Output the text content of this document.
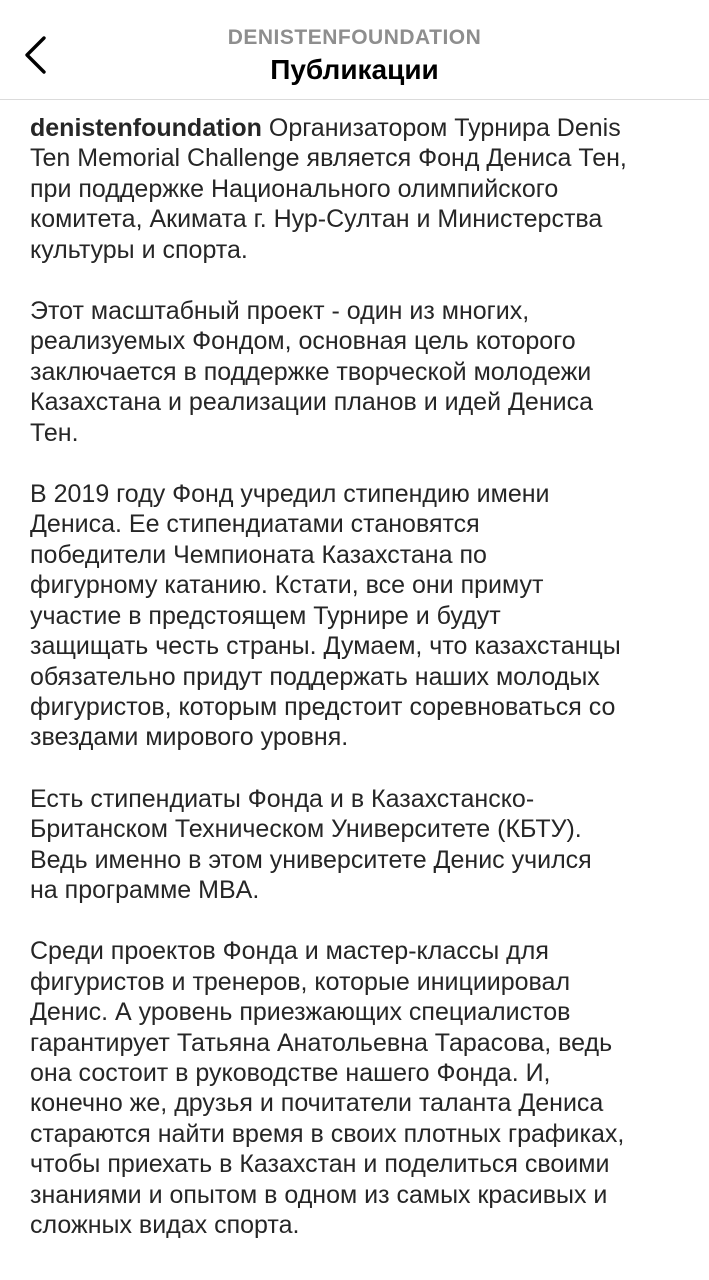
DENISTENFOUNDATION
Публикации

denistenfoundation Организатором Турнира Denis
Ten Memorial Challenge является Фонд Дениса Тен,
при поддержке Национального олимпийского
комитета, Акимата г. Нур-Султан и Министерства
культуры и спорта.

Этот масштабный проект - один из многих,
реализуемых Фондом, основная цель которого
заключается в поддержке творческой молодежи
Казахстана и реализации планов и идей Дениса
Тен.

В 2019 году Фонд учредил стипендию имени
Дениса. Ее стипендиатами становятся
победители Чемпионата Казахстана по
фигурному катанию. Кстати, все они примут
участие в предстоящем Турнире и будут
защищать честь страны. Думаем, что казахстанцы
обязательно придут поддержать наших молодых
фигуристов, которым предстоит соревноваться со
звездами мирового уровня.

Есть стипендиаты Фонда и в Казахстанско-
Британском Техническом Университете (КБТУ).
Ведь именно в этом университете Денис учился
на программе MBA.

Среди проектов Фонда и мастер-классы для
фигуристов и тренеров, которые инициировал
Денис. А уровень приезжающих специалистов
гарантирует Татьяна Анатольевна Тарасова, ведь
она состоит в руководстве нашего Фонда. И,
конечно же, друзья и почитатели таланта Дениса
стараются найти время в своих плотных графиках,
чтобы приехать в Казахстан и поделиться своими
знаниями и опытом в одном из самых красивых и
сложных видах спорта.
